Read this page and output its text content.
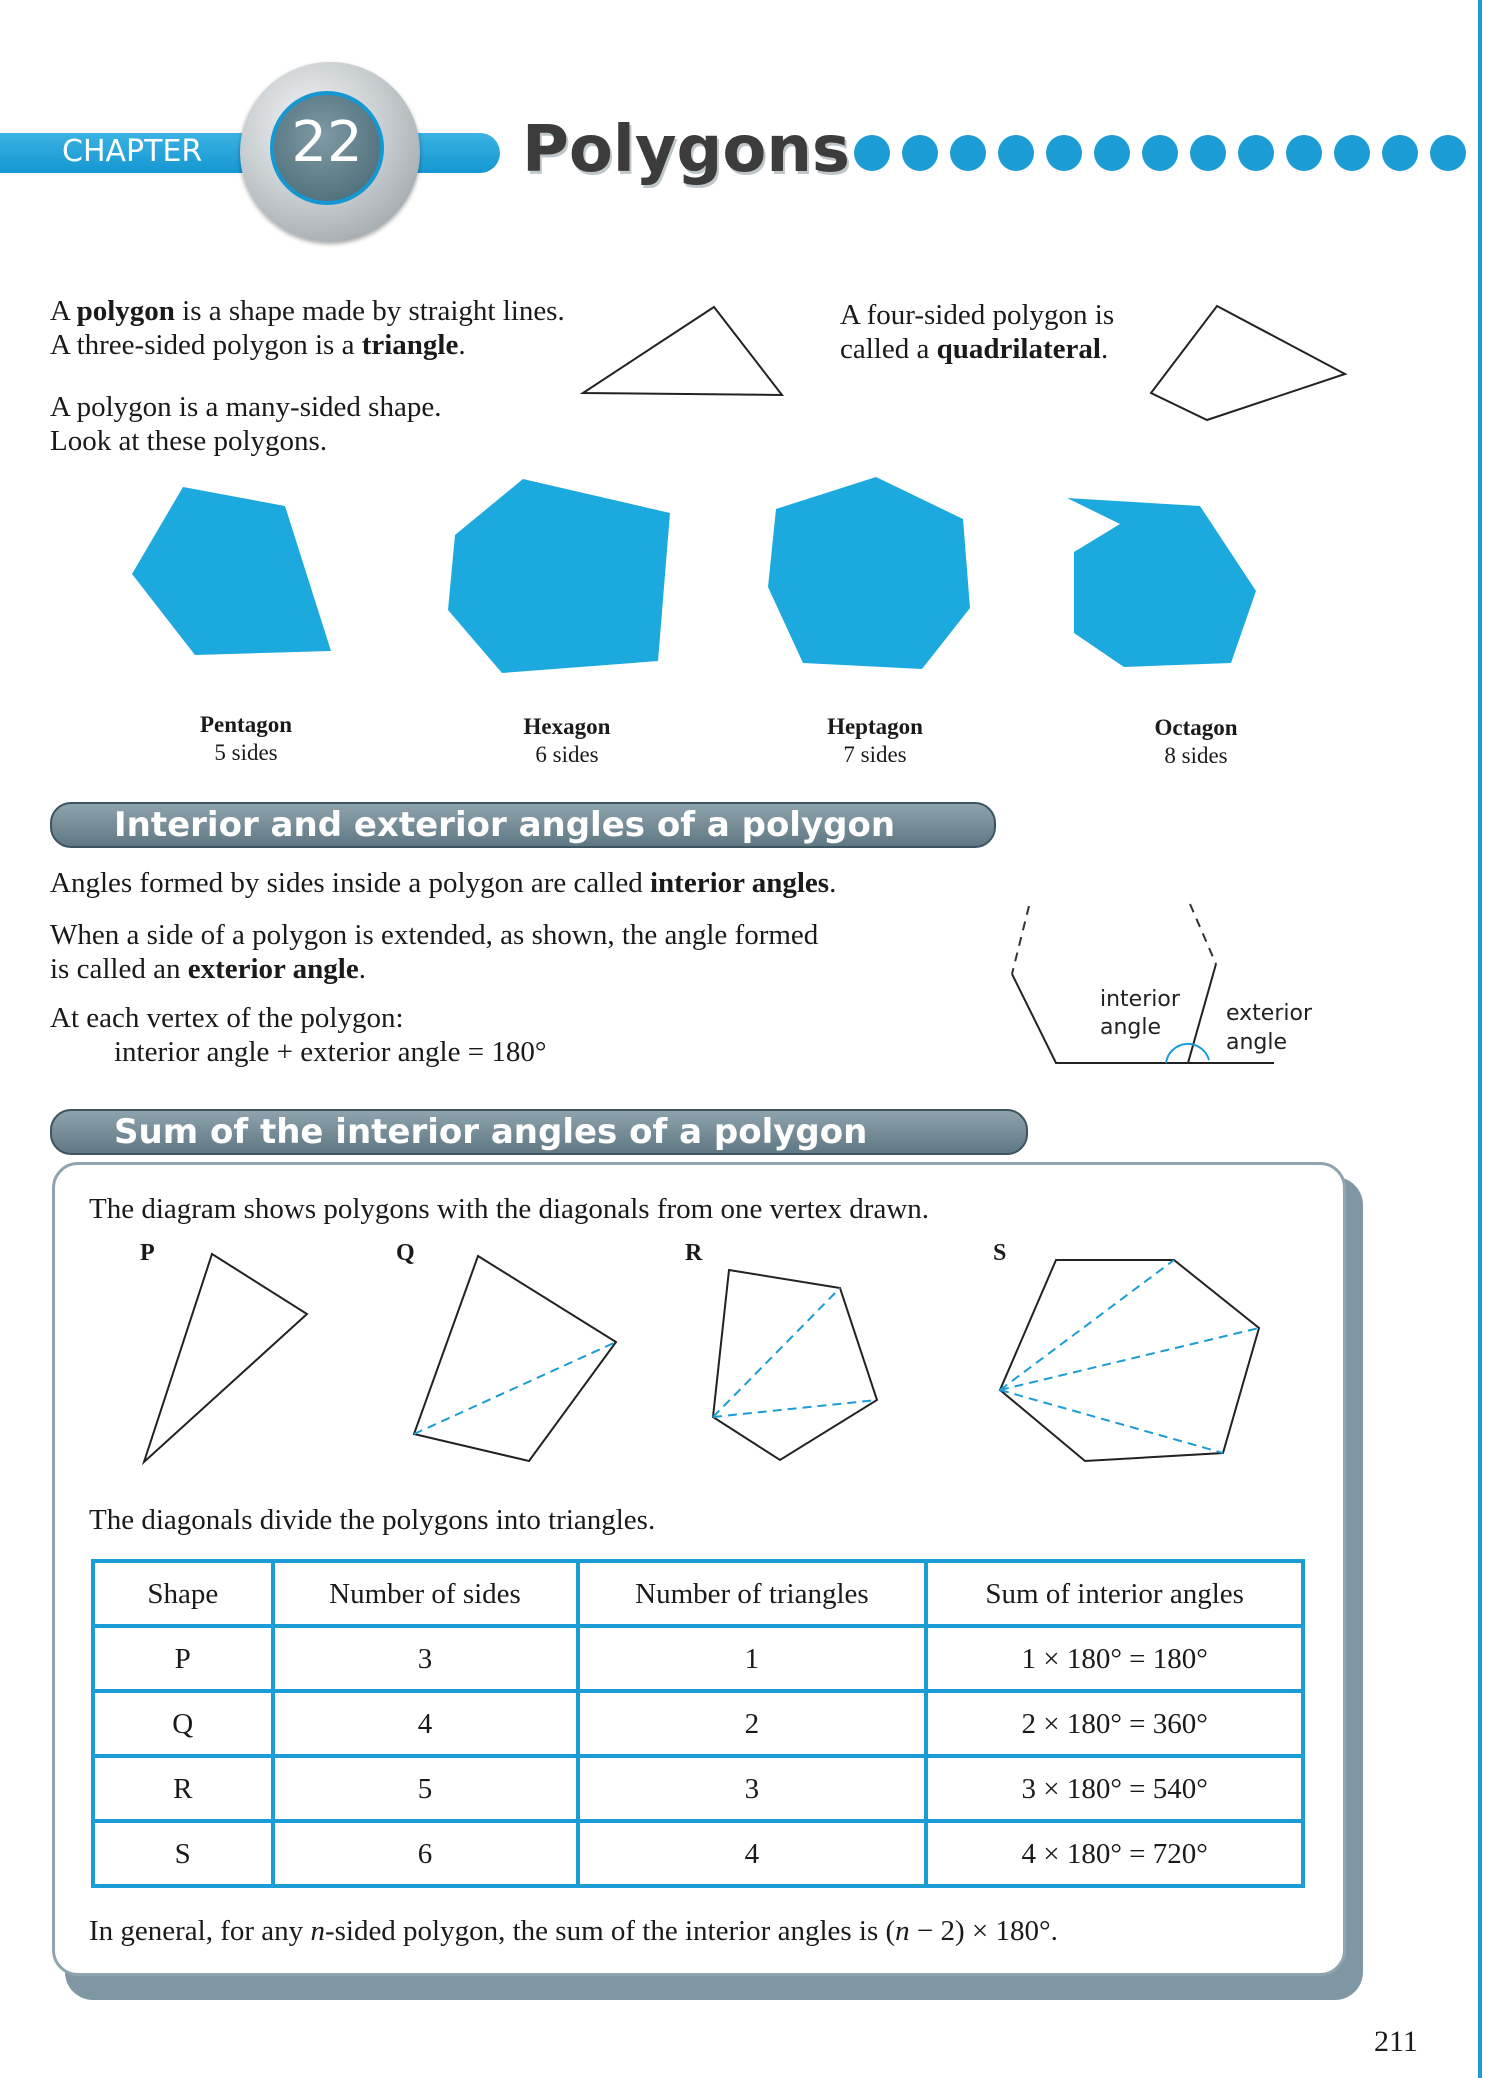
CHAPTER	22	Polygons
A polygon is a shape made by straight lines.
A three-sided polygon is a triangle.
A four-sided polygon is
called a quadrilateral.
A polygon is a many-sided shape.
Look at these polygons.
Pentagon
5 sides
Hexagon
6 sides
Heptagon
7 sides
Octagon
8 sides
Interior and exterior angles of a polygon
Angles formed by sides inside a polygon are called interior angles.
When a side of a polygon is extended, as shown, the angle formed
is called an exterior angle.
At each vertex of the polygon:
interior angle + exterior angle = 180°
interior
angle
exterior
angle
Sum of the interior angles of a polygon
The diagram shows polygons with the diagonals from one vertex drawn.
P	Q	R	S
The diagonals divide the polygons into triangles.
Shape	Number of sides	Number of triangles	Sum of interior angles
P	3	1	1 × 180° = 180°
Q	4	2	2 × 180° = 360°
R	5	3	3 × 180° = 540°
S	6	4	4 × 180° = 720°
In general, for any n-sided polygon, the sum of the interior angles is (n − 2) × 180°.
211
